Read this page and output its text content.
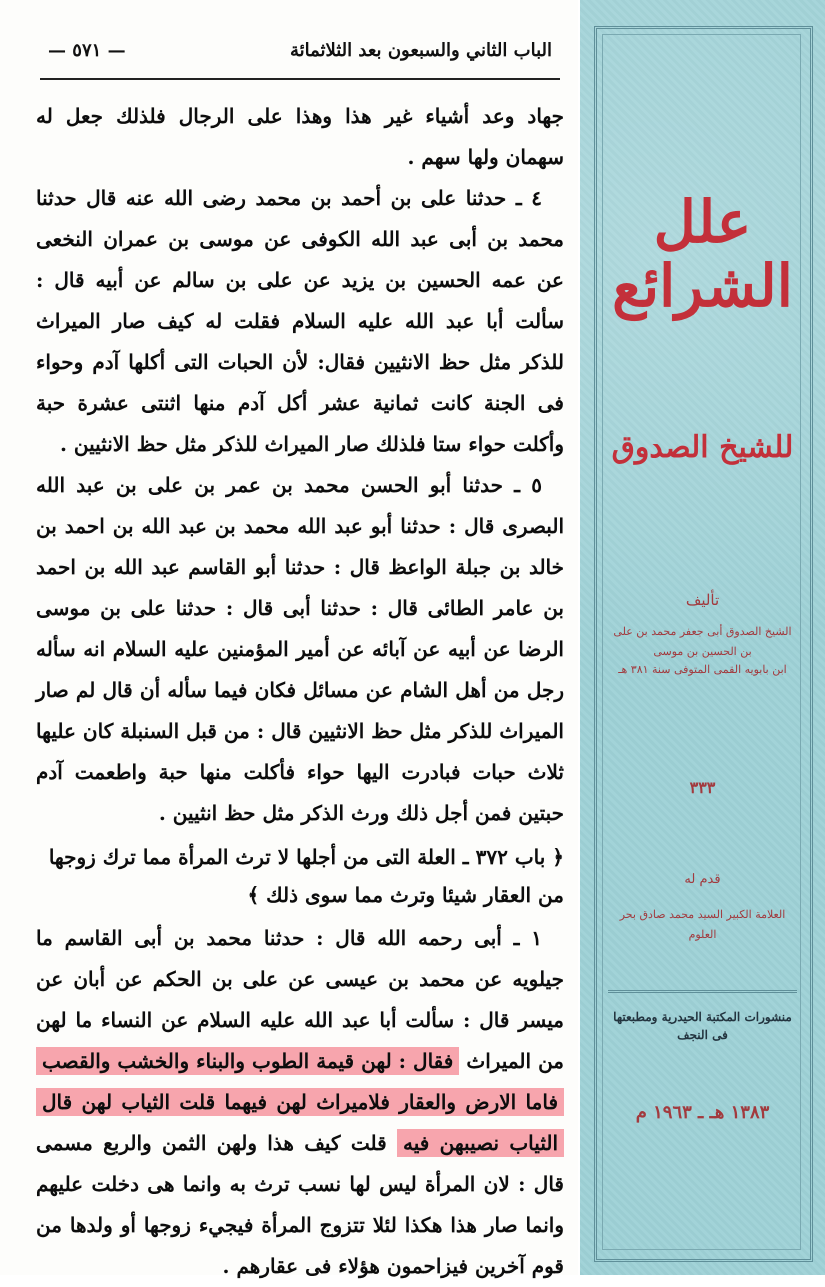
الباب الثاني والسبعون بعد الثلاثمائة
— ٥٧١ —

جهاد وعد أشياء غير هذا وهذا على الرجال فلذلك جعل له سهمان ولها سهم .

٤ ـ حدثنا على بن أحمد بن محمد رضى الله عنه قال حدثنا محمد بن أبى عبد الله الكوفى عن موسى بن عمران النخعى عن عمه الحسين بن يزيد عن على بن سالم عن أبيه قال : سألت أبا عبد الله عليه السلام فقلت له كيف صار الميراث للذكر مثل حظ الانثيين فقال: لأن الحبات التى أكلها آدم وحواء فى الجنة كانت ثمانية عشر أكل آدم منها اثنتى عشرة حبة وأكلت حواء ستا فلذلك صار الميراث للذكر مثل حظ الانثيين .

٥ ـ حدثنا أبو الحسن محمد بن عمر بن على بن عبد الله البصرى قال : حدثنا أبو عبد الله محمد بن عبد الله بن احمد بن خالد بن جبلة الواعظ قال : حدثنا أبو القاسم عبد الله بن احمد بن عامر الطائى قال : حدثنا أبى قال : حدثنا على بن موسى الرضا عن أبيه عن آبائه عن أمير المؤمنين عليه السلام انه سأله رجل من أهل الشام عن مسائل فكان فيما سأله أن قال لم صار الميراث للذكر مثل حظ الانثيين قال : من قبل السنبلة كان عليها ثلاث حبات فبادرت اليها حواء فأكلت منها حبة واطعمت آدم حبتين فمن أجل ذلك ورث الذكر مثل حظ انثيين .

﴿ باب ٣٧٢ ـ العلة التى من أجلها لا ترث المرأة مما ترك زوجها
من العقار شيئا وترث مما سوى ذلك ﴾

١ ـ أبى رحمه الله قال : حدثنا محمد بن أبى القاسم ما جيلويه عن محمد بن عيسى عن على بن الحكم عن أبان عن ميسر قال : سألت أبا عبد الله عليه السلام عن النساء ما لهن من الميراث فقال : لهن قيمة الطوب والبناء والخشب والقصب فاما الارض والعقار فلاميراث لهن فيهما قلت الثياب لهن قال الثياب نصيبهن فيه قلت كيف هذا ولهن الثمن والربع مسمى قال : لان المرأة ليس لها نسب ترث به وانما هى دخلت عليهم وانما صار هذا هكذا لئلا تتزوج المرأة فيجيء زوجها أو ولدها من قوم آخرين فيزاحمون هؤلاء فى عقارهم .

علل الشرائع
للشيخ الصدوق
تأليف
الشيخ الصدوق أبى جعفر محمد بن على بن الحسين بن موسى
ابن بابويه القمى المتوفى سنة ٣٨١ هـ
٣٣٣
قدم له
العلامة الكبير السيد محمد صادق بحر العلوم
منشورات المكتبة الحيدرية ومطبعتها فى النجف
١٣٨٣ هـ ـ ١٩٦٣ م
